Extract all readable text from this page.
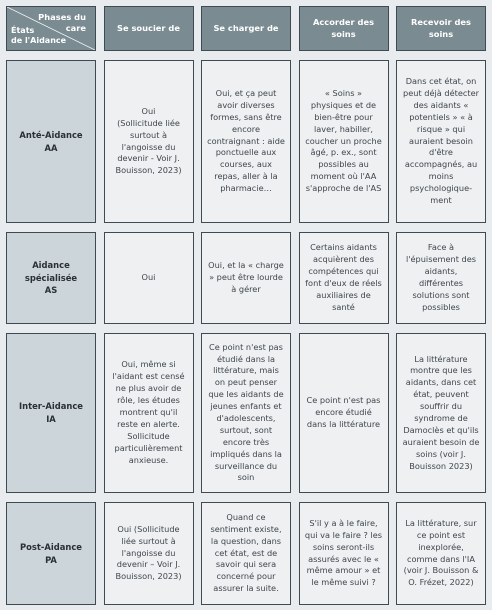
Phases du
care
États
de l'Aidance
Se soucier de	Se charger de
Accorder des soins
Recevoir des soins
Anté-Aidance
AA
Oui
(Sollicitude liée surtout à l'angoisse du devenir - Voir J. Bouisson, 2023)
Oui, et ça peut avoir diverses formes, sans être encore contraignant : aide ponctuelle aux courses, aux repas, aller à la pharmacie…
« Soins » physiques et de bien-être pour laver, habiller, coucher un proche âgé, p. ex., sont possibles au moment où l'AA s'approche de l'AS
Dans cet état, on peut déjà détecter des aidants « potentiels » « à risque » qui auraient besoin d'être accompagnés, au moins psychologique-ment
Aidance spécialisée
AS
Oui
Oui, et la « charge » peut être lourde à gérer
Certains aidants acquièrent des compétences qui font d'eux de réels auxiliaires de santé
Face à l'épuisement des aidants, différentes solutions sont possibles
Inter-Aidance
IA
Oui, même si l'aidant est censé ne plus avoir de rôle, les études montrent qu'il reste en alerte. Sollicitude particulièrement anxieuse.
Ce point n'est pas étudié dans la littérature, mais on peut penser que les aidants de jeunes enfants et d'adolescents, surtout, sont encore très impliqués dans la surveillance du soin
Ce point n'est pas encore étudié dans la littérature
La littérature montre que les aidants, dans cet état, peuvent souffrir du syndrome de Damoclès et qu'ils auraient besoin de soins (voir J. Bouisson 2023)
Post-Aidance
PA
Oui (Sollicitude liée surtout à l'angoisse du devenir – Voir J. Bouisson, 2023)
Quand ce sentiment existe, la question, dans cet état, est de savoir qui sera concerné pour assurer la suite.
S'il y a à le faire, qui va le faire ? les soins seront-ils assurés avec le « même amour » et le même suivi ?
La littérature, sur ce point est inexplorée, comme dans l'IA (voir J. Bouisson & O. Frézet, 2022)
